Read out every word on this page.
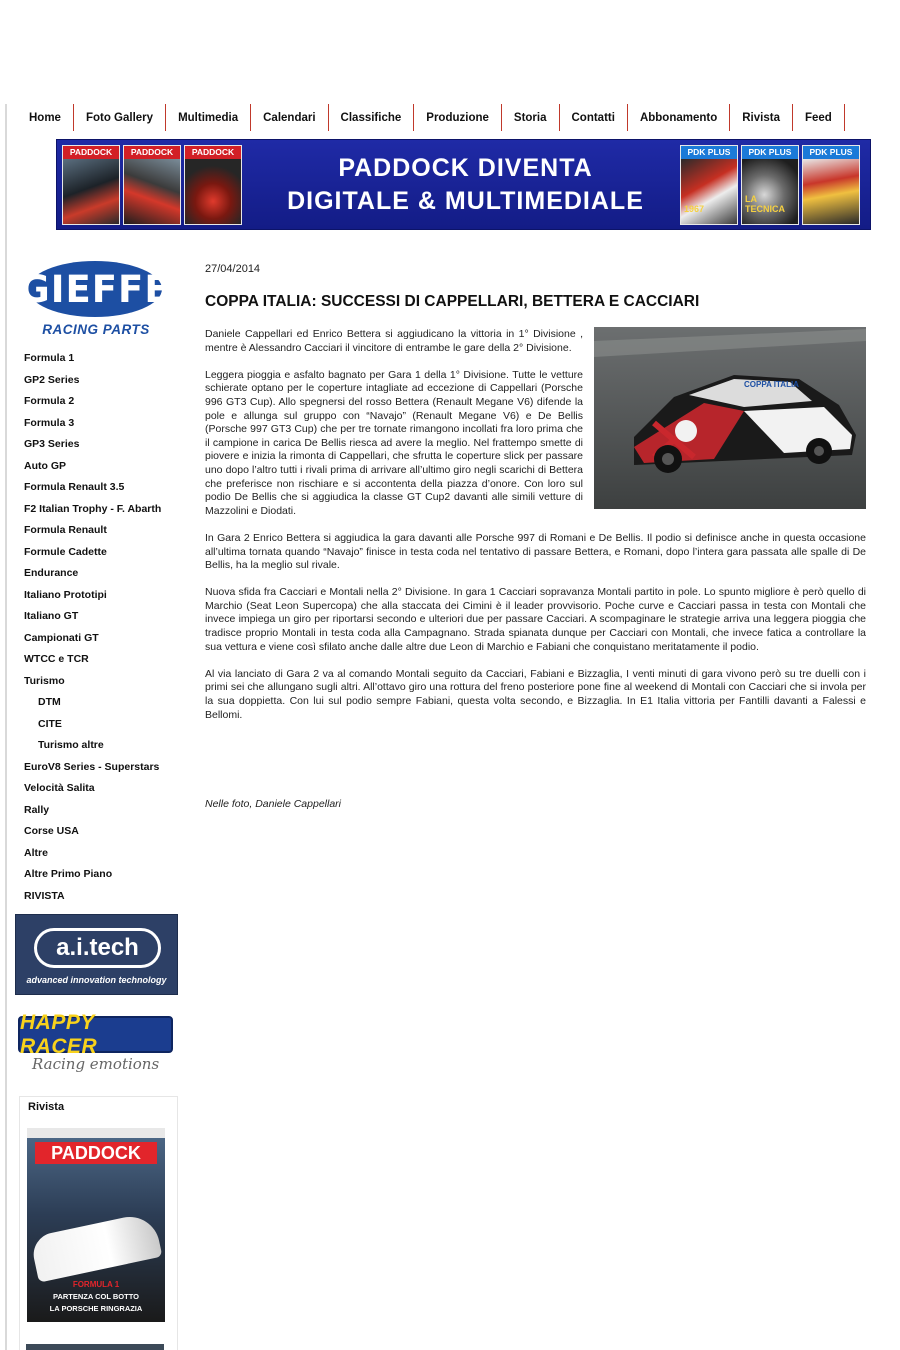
Home	Foto Gallery	Multimedia	Calendari	Classifiche	Produzione	Storia	Contatti	Abbonamento	Rivista	Feed
PADDOCK	PADDOCK	PADDOCK
PADDOCK DIVENTA
DIGITALE & MULTIMEDIALE
PDK PLUS
1967
PDK PLUS
LA TECNICA
PDK PLUS
GIEFFE
RACING PARTS
Formula 1
GP2 Series
Formula 2
Formula 3
GP3 Series
Auto GP
Formula Renault 3.5
F2 Italian Trophy - F. Abarth
Formula Renault
Formule Cadette
Endurance
Italiano Prototipi
Italiano GT
Campionati GT
WTCC e TCR
Turismo
DTM
CITE
Turismo altre
EuroV8 Series - Superstars
Velocità Salita
Rally
Corse USA
Altre
Altre Primo Piano
RIVISTA
a.i.tech
advanced innovation technology
HAPPY RACER
Racing emotions
Rivista
PADDOCK
FORMULA 1
PARTENZA COL BOTTO
LA PORSCHE RINGRAZIA
27/04/2014
COPPA ITALIA: SUCCESSI DI CAPPELLARI, BETTERA E CACCIARI
COPPA ITALIA

Daniele Cappellari ed Enrico Bettera si aggiudicano la vittoria in 1° Divisione , mentre è Alessandro Cacciari il vincitore di entrambe le gare della 2° Divisione.

Leggera pioggia e asfalto bagnato per Gara 1 della 1° Divisione. Tutte le vetture schierate optano per le coperture intagliate ad eccezione di Cappellari (Porsche 996 GT3 Cup). Allo spegnersi del rosso Bettera (Renault Megane V6) difende la pole e allunga sul gruppo con “Navajo” (Renault Megane V6) e De Bellis (Porsche 997 GT3 Cup) che per tre tornate rimangono incollati fra loro prima che il campione in carica De Bellis riesca ad avere la meglio. Nel frattempo smette di piovere e inizia la rimonta di Cappellari, che sfrutta le coperture slick per passare uno dopo l’altro tutti i rivali prima di arrivare all’ultimo giro negli scarichi di Bettera che preferisce non rischiare e si accontenta della piazza d’onore. Con loro sul podio De Bellis che si aggiudica la classe GT Cup2 davanti alle simili vetture di Mazzolini e Diodati.

In Gara 2 Enrico Bettera si aggiudica la gara davanti alle Porsche 997 di Romani e De Bellis. Il podio si definisce anche in questa occasione all’ultima tornata quando “Navajo” finisce in testa coda nel tentativo di passare Bettera, e Romani, dopo l’intera gara passata alle spalle di De Bellis, ha la meglio sul rivale.

Nuova sfida fra Cacciari e Montali nella 2° Divisione. In gara 1 Cacciari sopravanza Montali partito in pole. Lo spunto migliore è però quello di Marchio (Seat Leon Supercopa) che alla staccata dei Cimini è il leader provvisorio. Poche curve e Cacciari passa in testa con Montali che invece impiega un giro per riportarsi secondo e ulteriori due per passare Cacciari. A scompaginare le strategie arriva una leggera pioggia che tradisce proprio Montali in testa coda alla Campagnano. Strada spianata dunque per Cacciari con Montali, che invece fatica a controllare la sua vettura e viene così sfilato anche dalle altre due Leon di Marchio e Fabiani che conquistano meritatamente il podio.

Al via lanciato di Gara 2 va al comando Montali seguito da Cacciari, Fabiani e Bizzaglia, I venti minuti di gara vivono però su tre duelli con i primi sei che allungano sugli altri. All’ottavo giro una rottura del freno posteriore pone fine al weekend di Montali con Cacciari che si invola per la sua doppietta. Con lui sul podio sempre Fabiani, questa volta secondo, e Bizzaglia. In E1 Italia vittoria per Fantilli davanti a Falessi e Bellomi.

Nelle foto, Daniele Cappellari
